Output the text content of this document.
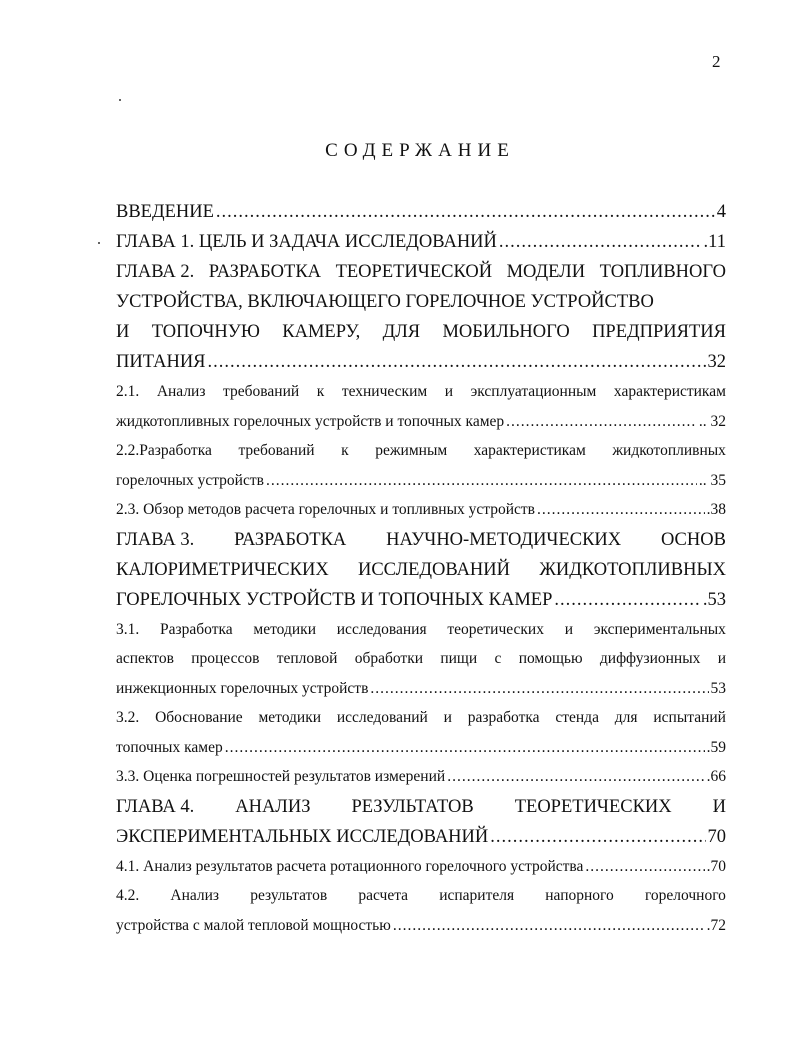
2
СОДЕРЖАНИЕ
ВВЕДЕНИЕ .....	4
ГЛАВА 1. ЦЕЛЬ И ЗАДАЧА ИССЛЕДОВАНИЙ .....	.11
ГЛАВА 2. РАЗРАБОТКА ТЕОРЕТИЧЕСКОЙ МОДЕЛИ ТОПЛИВНОГО
УСТРОЙСТВА, ВКЛЮЧАЮЩЕГО ГОРЕЛОЧНОЕ УСТРОЙСТВО
И ТОПОЧНУЮ КАМЕРУ, ДЛЯ МОБИЛЬНОГО ПРЕДПРИЯТИЯ
ПИТАНИЯ .....	32
2.1. Анализ требований к техническим и эксплуатационным характеристикам
жидкотопливных горелочных устройств и топочных камер .....	.. 32
2.2.Разработка требований к режимным характеристикам жидкотопливных
горелочных устройств .....	.. 35
2.3. Обзор методов расчета горелочных и топливных устройств .....	.38
ГЛАВА 3. РАЗРАБОТКА НАУЧНО-МЕТОДИЧЕСКИХ ОСНОВ
КАЛОРИМЕТРИЧЕСКИХ ИССЛЕДОВАНИЙ ЖИДКОТОПЛИВНЫХ
ГОРЕЛОЧНЫХ УСТРОЙСТВ И ТОПОЧНЫХ КАМЕР .....	.53
3.1. Разработка методики исследования теоретических и экспериментальных
аспектов процессов тепловой обработки пищи с помощью диффузионных и
инжекционных горелочных устройств .....	53
3.2. Обоснование методики исследований и разработка стенда для испытаний
топочных камер .....	.59
3.3. Оценка погрешностей результатов измерений .....	.66
ГЛАВА 4. АНАЛИЗ РЕЗУЛЬТАТОВ ТЕОРЕТИЧЕСКИХ И
ЭКСПЕРИМЕНТАЛЬНЫХ ИССЛЕДОВАНИЙ .....	70
4.1. Анализ результатов расчета ротационного горелочного устройства .....	.70
4.2. Анализ результатов расчета испарителя напорного горелочного
устройства с малой тепловой мощностью .....	.72
